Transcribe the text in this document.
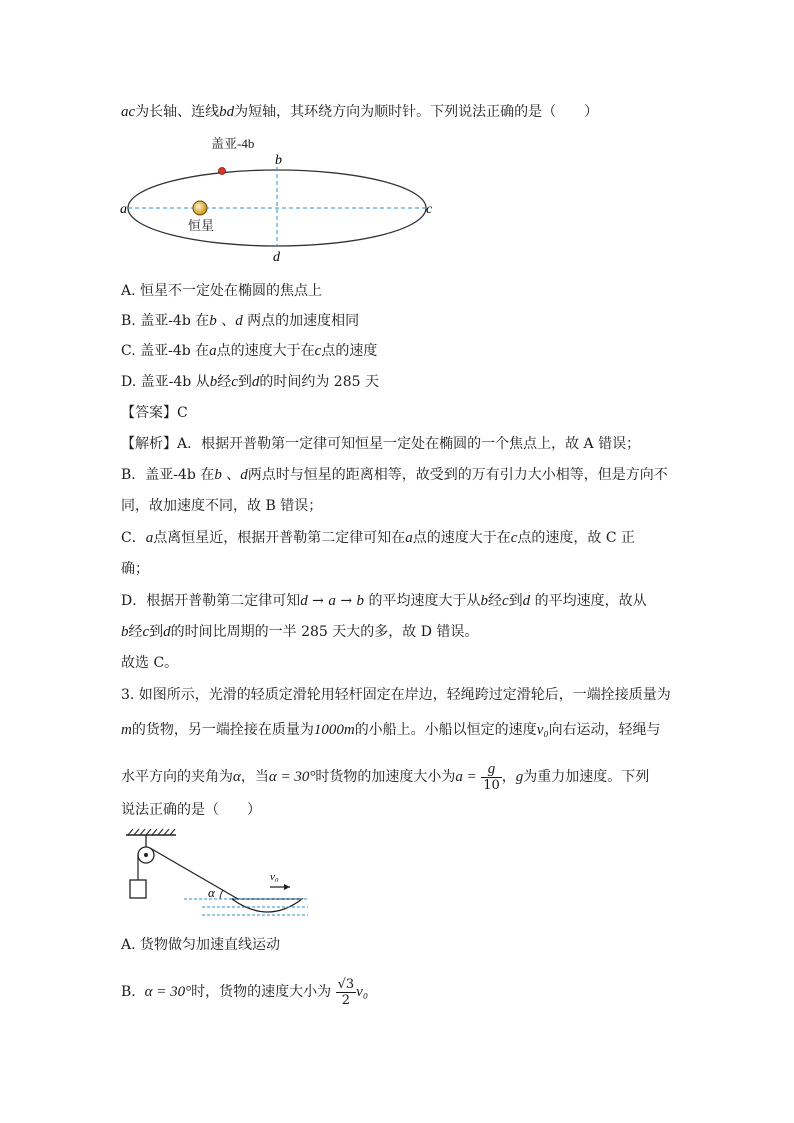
ac为长轴、连线bd为短轴，其环绕方向为顺时针。下列说法正确的是（　　）
盖亚-4b
恒星
a
b
c
d
A. 恒星不一定处在椭圆的焦点上
B. 盖亚-4b 在b 、d 两点的加速度相同
C. 盖亚-4b 在a点的速度大于在c点的速度
D. 盖亚-4b 从b经c到d的时间约为 285 天
【答案】C
【解析】A．根据开普勒第一定律可知恒星一定处在椭圆的一个焦点上，故 A 错误；
B．盖亚-4b 在b 、d两点时与恒星的距离相等，故受到的万有引力大小相等，但是方向不
同，故加速度不同，故 B 错误；
C．a点离恒星近，根据开普勒第二定律可知在a点的速度大于在c点的速度，故 C 正
确；
D．根据开普勒第二定律可知d → a → b 的平均速度大于从b经c到d 的平均速度，故从
b经c到d的时间比周期的一半 285 天大的多，故 D 错误。
故选 C。
3. 如图所示，光滑的轻质定滑轮用轻杆固定在岸边，轻绳跨过定滑轮后，一端拴接质量为
m的货物，另一端拴接在质量为1000m的小船上。小船以恒定的速度v₀向右运动，轻绳与
水平方向的夹角为α，当α = 30°时货物的加速度大小为$a = \frac{g}{10}$ ，g为重力加速度。下列
说法正确的是（　　）
α
v₀
A. 货物做匀加速直线运动
B. α = 30°时，货物的速度大小为 $\frac{√3}{2} v_0$
